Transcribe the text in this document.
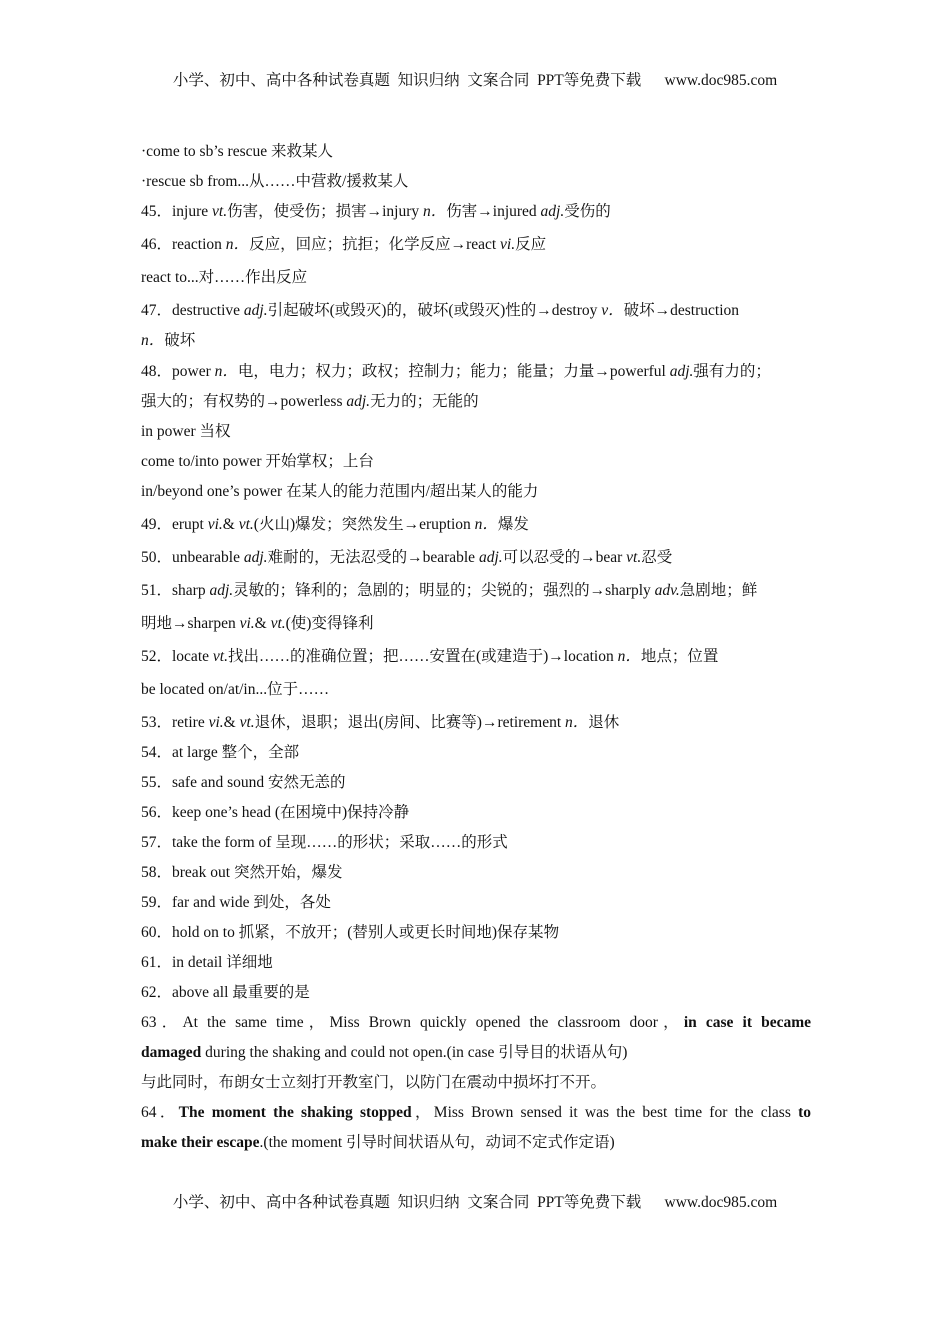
小学、初中、高中各种试卷真题  知识归纳  文案合同  PPT等免费下载      www.doc985.com
·come to sb’s rescue 来救某人
·rescue sb from...从……中营救/援救某人
45．injure vt.伤害，使受伤；损害→injury n．伤害→injured adj.受伤的
46．reaction n．反应，回应；抗拒；化学反应→react vi.反应
react to...对……作出反应
47．destructive adj.引起破坏(或毁灭)的，破坏(或毁灭)性的→destroy v．破坏→destruction
n．破坏
48．power n．电，电力；权力；政权；控制力；能力；能量；力量→powerful adj.强有力的；
强大的；有权势的→powerless adj.无力的；无能的
in power 当权
come to/into power 开始掌权；上台
in/beyond one’s power 在某人的能力范围内/超出某人的能力
49．erupt vi.& vt.(火山)爆发；突然发生→eruption n．爆发
50．unbearable adj.难耐的，无法忍受的→bearable adj.可以忍受的→bear vt.忍受
51．sharp adj.灵敏的；锋利的；急剧的；明显的；尖锐的；强烈的→sharply adv.急剧地；鲜
明地→sharpen vi.& vt.(使)变得锋利
52．locate vt.找出……的准确位置；把……安置在(或建造于)→location n．地点；位置
be located on/at/in...位于……
53．retire vi.& vt.退休，退职；退出(房间、比赛等)→retirement n．退休
54．at large 整个，全部
55．safe and sound 安然无恙的
56．keep one’s head (在困境中)保持冷静
57．take the form of 呈现……的形状；采取……的形式
58．break out 突然开始，爆发
59．far and wide 到处，各处
60．hold on to 抓紧，不放开；(替别人或更长时间地)保存某物
61．in detail 详细地
62．above all 最重要的是
63．At the same time，Miss Brown quickly opened the classroom door，in case it became
damaged during the shaking and could not open.(in case 引导目的状语从句)
与此同时，布朗女士立刻打开教室门，以防门在震动中损坏打不开。
64．The moment the shaking stopped，Miss Brown sensed it was the best time for the class to
make their escape.(the moment 引导时间状语从句，动词不定式作定语)
小学、初中、高中各种试卷真题  知识归纳  文案合同  PPT等免费下载      www.doc985.com
